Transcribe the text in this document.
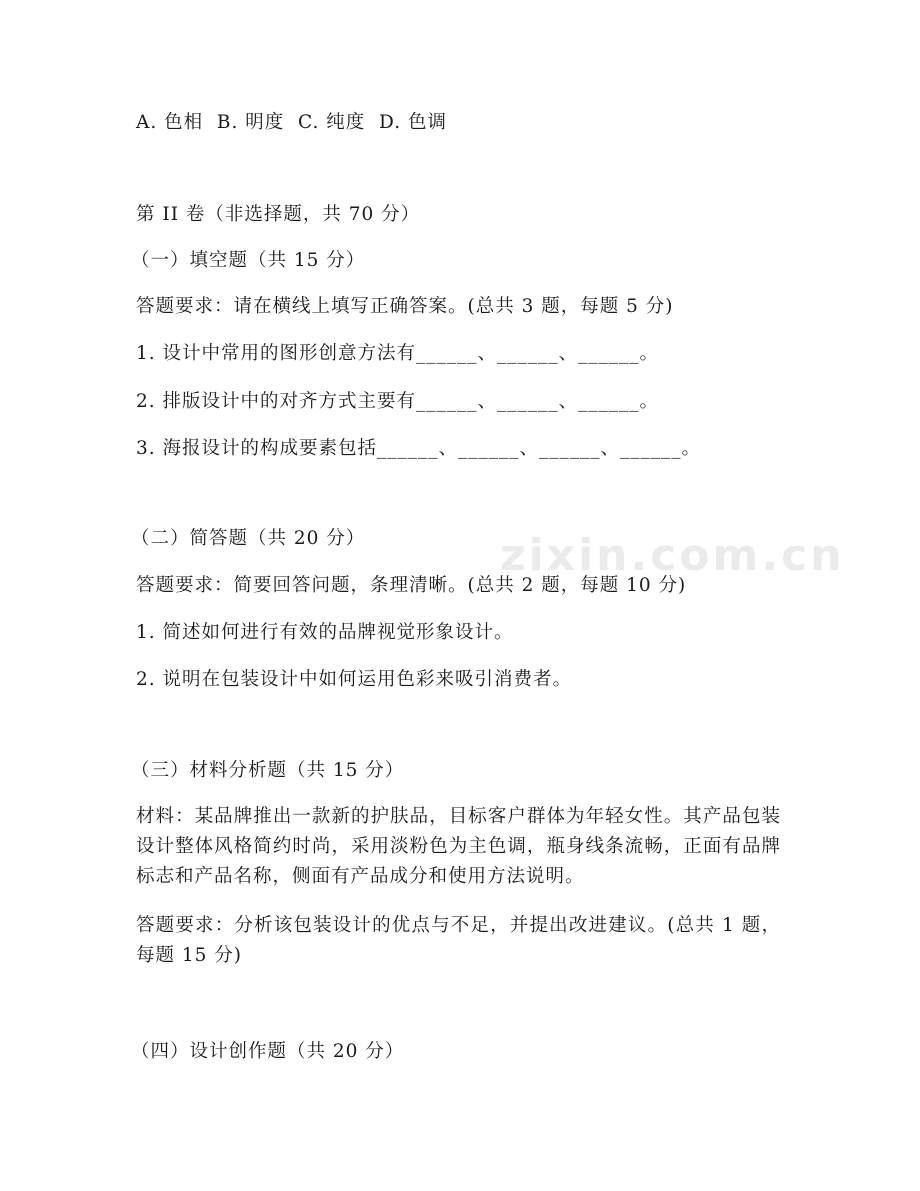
A. 色相  B. 明度  C. 纯度  D. 色调
第 II 卷（非选择题，共 70 分）
（一）填空题（共 15 分）
答题要求：请在横线上填写正确答案。(总共 3 题，每题 5 分)
1. 设计中常用的图形创意方法有______、______、______。
2. 排版设计中的对齐方式主要有______、______、______。
3. 海报设计的构成要素包括______、______、______、______。
（二）简答题（共 20 分）
答题要求：简要回答问题，条理清晰。(总共 2 题，每题 10 分)
1. 简述如何进行有效的品牌视觉形象设计。
2. 说明在包装设计中如何运用色彩来吸引消费者。
（三）材料分析题（共 15 分）
材料：某品牌推出一款新的护肤品，目标客户群体为年轻女性。其产品包装设计整体风格简约时尚，采用淡粉色为主色调，瓶身线条流畅，正面有品牌标志和产品名称，侧面有产品成分和使用方法说明。
答题要求：分析该包装设计的优点与不足，并提出改进建议。(总共 1 题，每题 15 分)
（四）设计创作题（共 20 分）
zixin.com.cn
